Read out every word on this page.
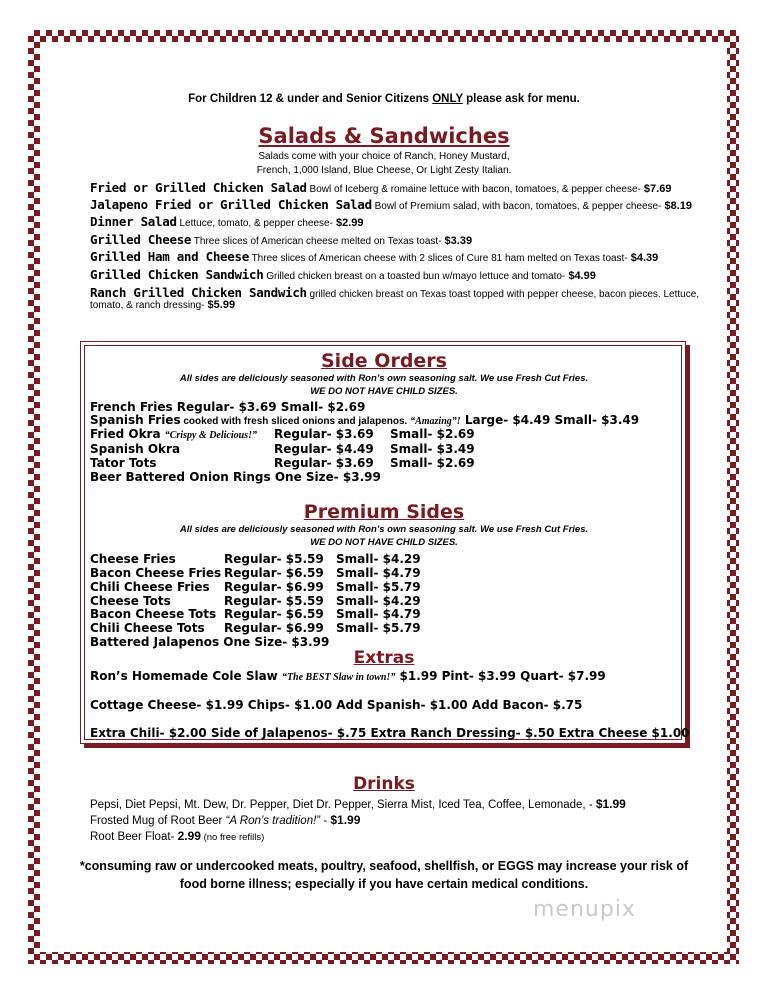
For Children 12 & under and Senior Citizens ONLY please ask for menu.
Salads & Sandwiches
Salads come with your choice of Ranch, Honey Mustard,
French, 1,000 Island, Blue Cheese, Or Light Zesty Italian.
Fried or Grilled Chicken Salad Bowl of Iceberg & romaine lettuce with bacon, tomatoes, & pepper cheese- $7.69
Jalapeno Fried or Grilled Chicken Salad Bowl of Premium salad, with bacon, tomatoes, & pepper cheese- $8.19
Dinner Salad Lettuce, tomato, & pepper cheese- $2.99
Grilled Cheese Three slices of American cheese melted on Texas toast- $3.39
Grilled Ham and Cheese Three slices of American cheese with 2 slices of Cure 81 ham melted on Texas toast- $4.39
Grilled Chicken Sandwich Grilled chicken breast on a toasted bun w/mayo lettuce and tomato- $4.99
Ranch Grilled Chicken Sandwich grilled chicken breast on Texas toast topped with pepper cheese, bacon pieces. Lettuce,
tomato, & ranch dressing- $5.99
Side Orders
All sides are deliciously seasoned with Ron’s own seasoning salt. We use Fresh Cut Fries.
WE DO NOT HAVE CHILD SIZES.
French Fries Regular- $3.69 Small- $2.69
Spanish Fries cooked with fresh sliced onions and jalapenos. “Amazing”! Large- $4.49 Small- $3.49
Fried Okra “Crispy & Delicious!” Regular- $3.69 Small- $2.69
Spanish Okra	Regular- $4.49 Small- $3.49
Tator Tots	Regular- $3.69 Small- $2.69
Beer Battered Onion Rings One Size- $3.99
Premium Sides
All sides are deliciously seasoned with Ron’s own seasoning salt. We use Fresh Cut Fries.
WE DO NOT HAVE CHILD SIZES.
Cheese Fries	Regular- $5.59 Small- $4.29
Bacon Cheese Fries Regular- $6.59 Small- $4.79
Chili Cheese Fries Regular- $6.99 Small- $5.79
Cheese Tots	Regular- $5.59 Small- $4.29
Bacon Cheese Tots Regular- $6.59 Small- $4.79
Chili Cheese Tots Regular- $6.99 Small- $5.79
Battered Jalapenos One Size- $3.99
Extras
Ron’s Homemade Cole Slaw “The BEST Slaw in town!” $1.99 Pint- $3.99 Quart- $7.99
Cottage Cheese- $1.99 Chips- $1.00 Add Spanish- $1.00 Add Bacon- $.75
Extra Chili- $2.00 Side of Jalapenos- $.75 Extra Ranch Dressing- $.50 Extra Cheese $1.00
Drinks
Pepsi, Diet Pepsi, Mt. Dew, Dr. Pepper, Diet Dr. Pepper, Sierra Mist, Iced Tea, Coffee, Lemonade, - $1.99
Frosted Mug of Root Beer “A Ron’s tradition!” - $1.99
Root Beer Float- 2.99 (no free refills)
*consuming raw or undercooked meats, poultry, seafood, shellfish, or EGGS may increase your risk of
food borne illness; especially if you have certain medical conditions.
menupix
